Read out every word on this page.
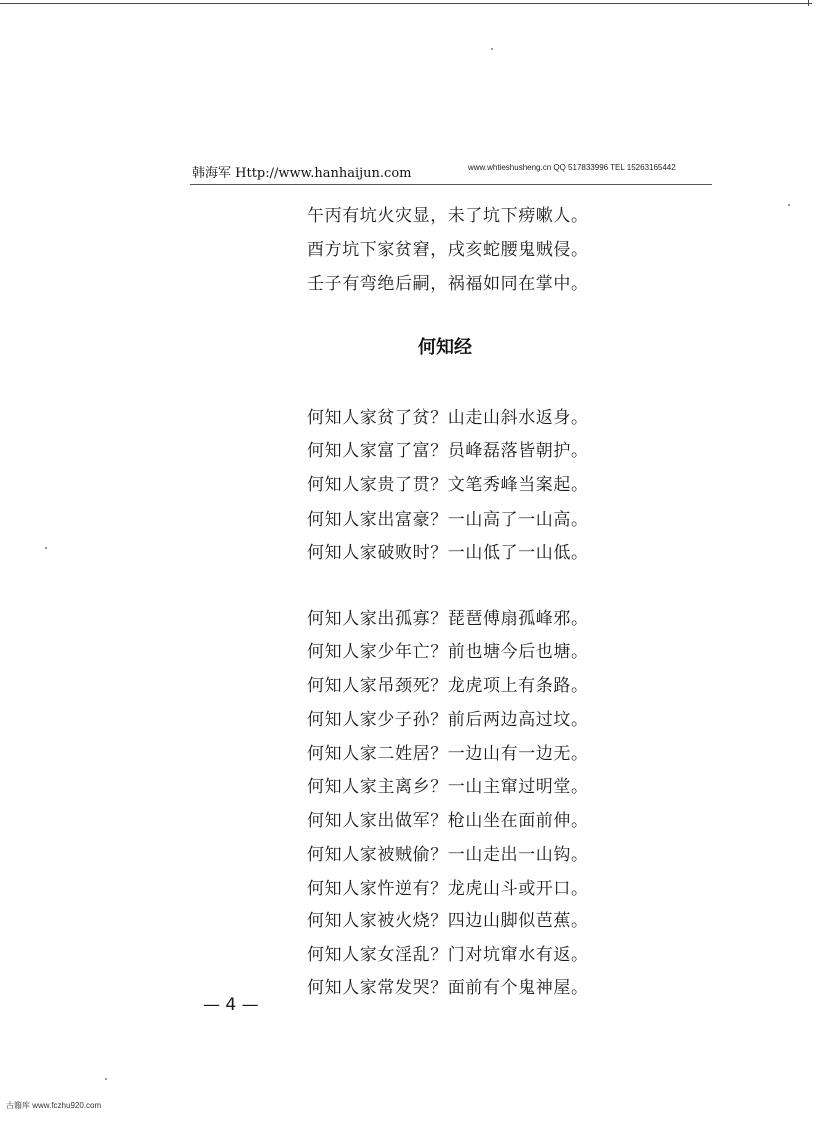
韩海军 Http://www.hanhaijun.com	www.whtieshusheng.cn QQ 517833996 TEL 15263165442
午丙有坑火灾显，未了坑下痨嗽人。
酉方坑下家贫窘，戌亥蛇腰鬼贼侵。
壬子有弯绝后嗣，祸福如同在掌中。
何知经
何知人家贫了贫？山走山斜水返身。
何知人家富了富？员峰磊落皆朝护。
何知人家贵了贯？文笔秀峰当案起。
何知人家出富豪？一山高了一山高。
何知人家破败时？一山低了一山低。
何知人家出孤寡？琵琶傅扇孤峰邪。
何知人家少年亡？前也塘今后也塘。
何知人家吊颈死？龙虎项上有条路。
何知人家少子孙？前后两边高过坟。
何知人家二姓居？一边山有一边无。
何知人家主离乡？一山主窜过明堂。
何知人家出做军？枪山坐在面前伸。
何知人家被贼偷？一山走出一山钩。
何知人家忤逆有？龙虎山斗或开口。
何知人家被火烧？四边山脚似芭蕉。
何知人家女淫乱？门对坑窜水有返。
何知人家常发哭？面前有个鬼神屋。
— 4 —
古籍库 www.fczhu920.com
